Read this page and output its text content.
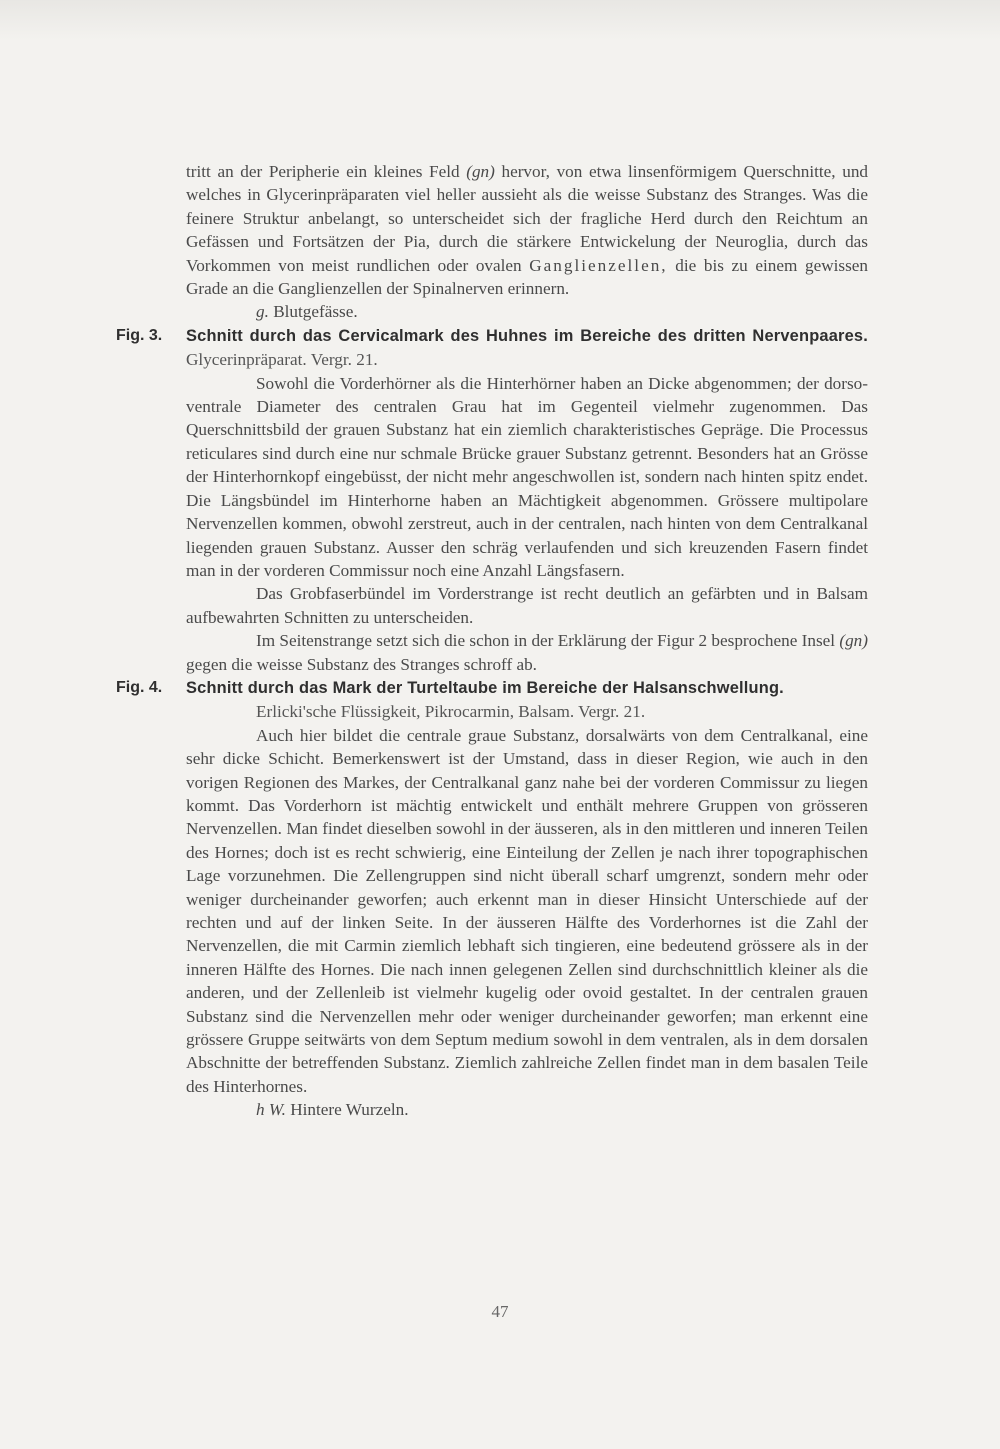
tritt an der Peripherie ein kleines Feld (gn) hervor, von etwa linsenförmigem Querschnitte, und welches in Glycerinpräparaten viel heller aussieht als die weisse Substanz des Stranges. Was die feinere Struktur anbelangt, so unterscheidet sich der fragliche Herd durch den Reichtum an Gefässen und Fortsätzen der Pia, durch die stärkere Entwickelung der Neuroglia, durch das Vorkommen von meist rundlichen oder ovalen Ganglienzellen, die bis zu einem gewissen Grade an die Ganglienzellen der Spinalnerven erinnern.

g. Blutgefässe.
Fig. 3. Schnitt durch das Cervicalmark des Huhnes im Bereiche des dritten Nervenpaares. Glycerinpräparat. Vergr. 21.

Sowohl die Vorderhörner als die Hinterhörner haben an Dicke abgenommen; der dorso-ventrale Diameter des centralen Grau hat im Gegenteil vielmehr zugenommen. Das Querschnittsbild der grauen Substanz hat ein ziemlich charakteristisches Gepräge. Die Processus reticulares sind durch eine nur schmale Brücke grauer Substanz getrennt. Besonders hat an Grösse der Hinterhornkopf eingebüsst, der nicht mehr angeschwollen ist, sondern nach hinten spitz endet. Die Längsbündel im Hinterhorne haben an Mächtigkeit abgenommen. Grössere multipolare Nervenzellen kommen, obwohl zerstreut, auch in der centralen, nach hinten von dem Centralkanal liegenden grauen Substanz. Ausser den schräg verlaufenden und sich kreuzenden Fasern findet man in der vorderen Commissur noch eine Anzahl Längsfasern.

Das Grobfaserbündel im Vorderstrange ist recht deutlich an gefärbten und in Balsam aufbewahrten Schnitten zu unterscheiden.

Im Seitenstrange setzt sich die schon in der Erklärung der Figur 2 besprochene Insel (gn) gegen die weisse Substanz des Stranges schroff ab.

Fig. 4. Schnitt durch das Mark der Turteltaube im Bereiche der Halsanschwellung.
Erlicki'sche Flüssigkeit, Pikrocarmin, Balsam. Vergr. 21.

Auch hier bildet die centrale graue Substanz, dorsalwärts von dem Centralkanal, eine sehr dicke Schicht. Bemerkenswert ist der Umstand, dass in dieser Region, wie auch in den vorigen Regionen des Markes, der Centralkanal ganz nahe bei der vorderen Commissur zu liegen kommt. Das Vorderhorn ist mächtig entwickelt und enthält mehrere Gruppen von grösseren Nervenzellen. Man findet dieselben sowohl in der äusseren, als in den mittleren und inneren Teilen des Hornes; doch ist es recht schwierig, eine Einteilung der Zellen je nach ihrer topographischen Lage vorzunehmen. Die Zellengruppen sind nicht überall scharf umgrenzt, sondern mehr oder weniger durcheinander geworfen; auch erkennt man in dieser Hinsicht Unterschiede auf der rechten und auf der linken Seite. In der äusseren Hälfte des Vorderhornes ist die Zahl der Nervenzellen, die mit Carmin ziemlich lebhaft sich tingieren, eine bedeutend grössere als in der inneren Hälfte des Hornes. Die nach innen gelegenen Zellen sind durchschnittlich kleiner als die anderen, und der Zellenleib ist vielmehr kugelig oder ovoid gestaltet. In der centralen grauen Substanz sind die Nervenzellen mehr oder weniger durcheinander geworfen; man erkennt eine grössere Gruppe seitwärts von dem Septum medium sowohl in dem ventralen, als in dem dorsalen Abschnitte der betreffenden Substanz. Ziemlich zahlreiche Zellen findet man in dem basalen Teile des Hinterhornes.

h W. Hintere Wurzeln.
47
